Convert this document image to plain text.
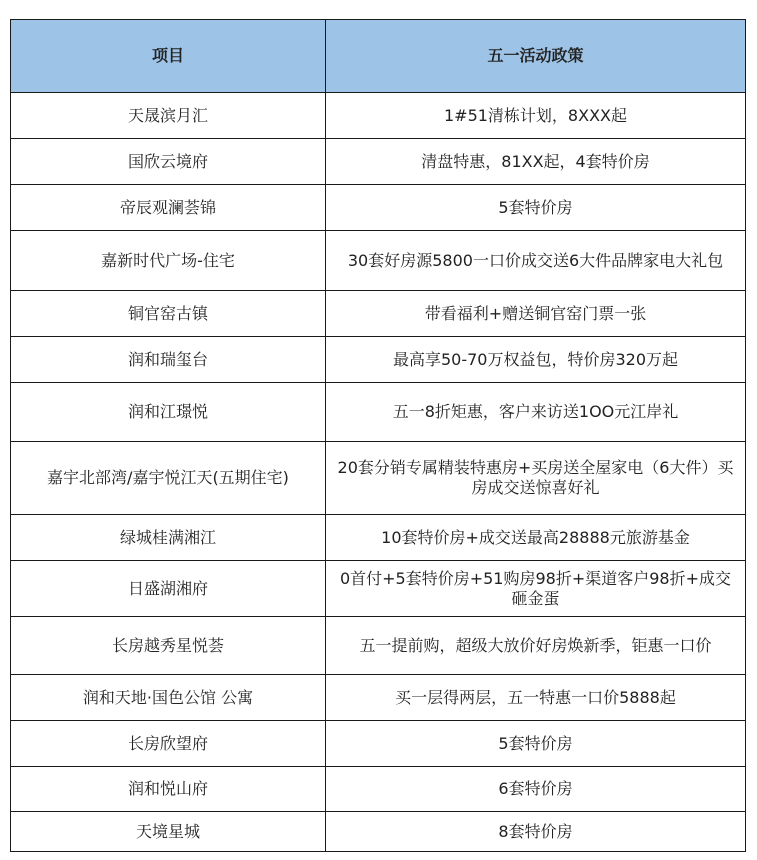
项目	五一活动政策
天晟滨月汇	1#51清栋计划，8XXX起
国欣云境府	清盘特惠，81XX起，4套特价房
帝辰观澜荟锦	5套特价房
嘉新时代广场-住宅	30套好房源5800一口价成交送6大件品牌家电大礼包
铜官窑古镇	带看福利+赠送铜官窑门票一张
润和瑞玺台	最高享50-70万权益包，特价房320万起
润和江璟悦	五一8折矩惠，客户来访送1OO元江岸礼
嘉宇北部湾/嘉宇悦江天(五期住宅)	20套分销专属精装特惠房+买房送全屋家电（6大件）买房成交送惊喜好礼
绿城桂满湘江	10套特价房+成交送最高28888元旅游基金
日盛湖湘府	0首付+5套特价房+51购房98折+渠道客户98折+成交砸金蛋
长房越秀星悦荟	五一提前购，超级大放价好房焕新季，钜惠一口价
润和天地·国色公馆 公寓	买一层得两层，五一特惠一口价5888起
长房欣望府	5套特价房
润和悦山府	6套特价房
天境星城	8套特价房
